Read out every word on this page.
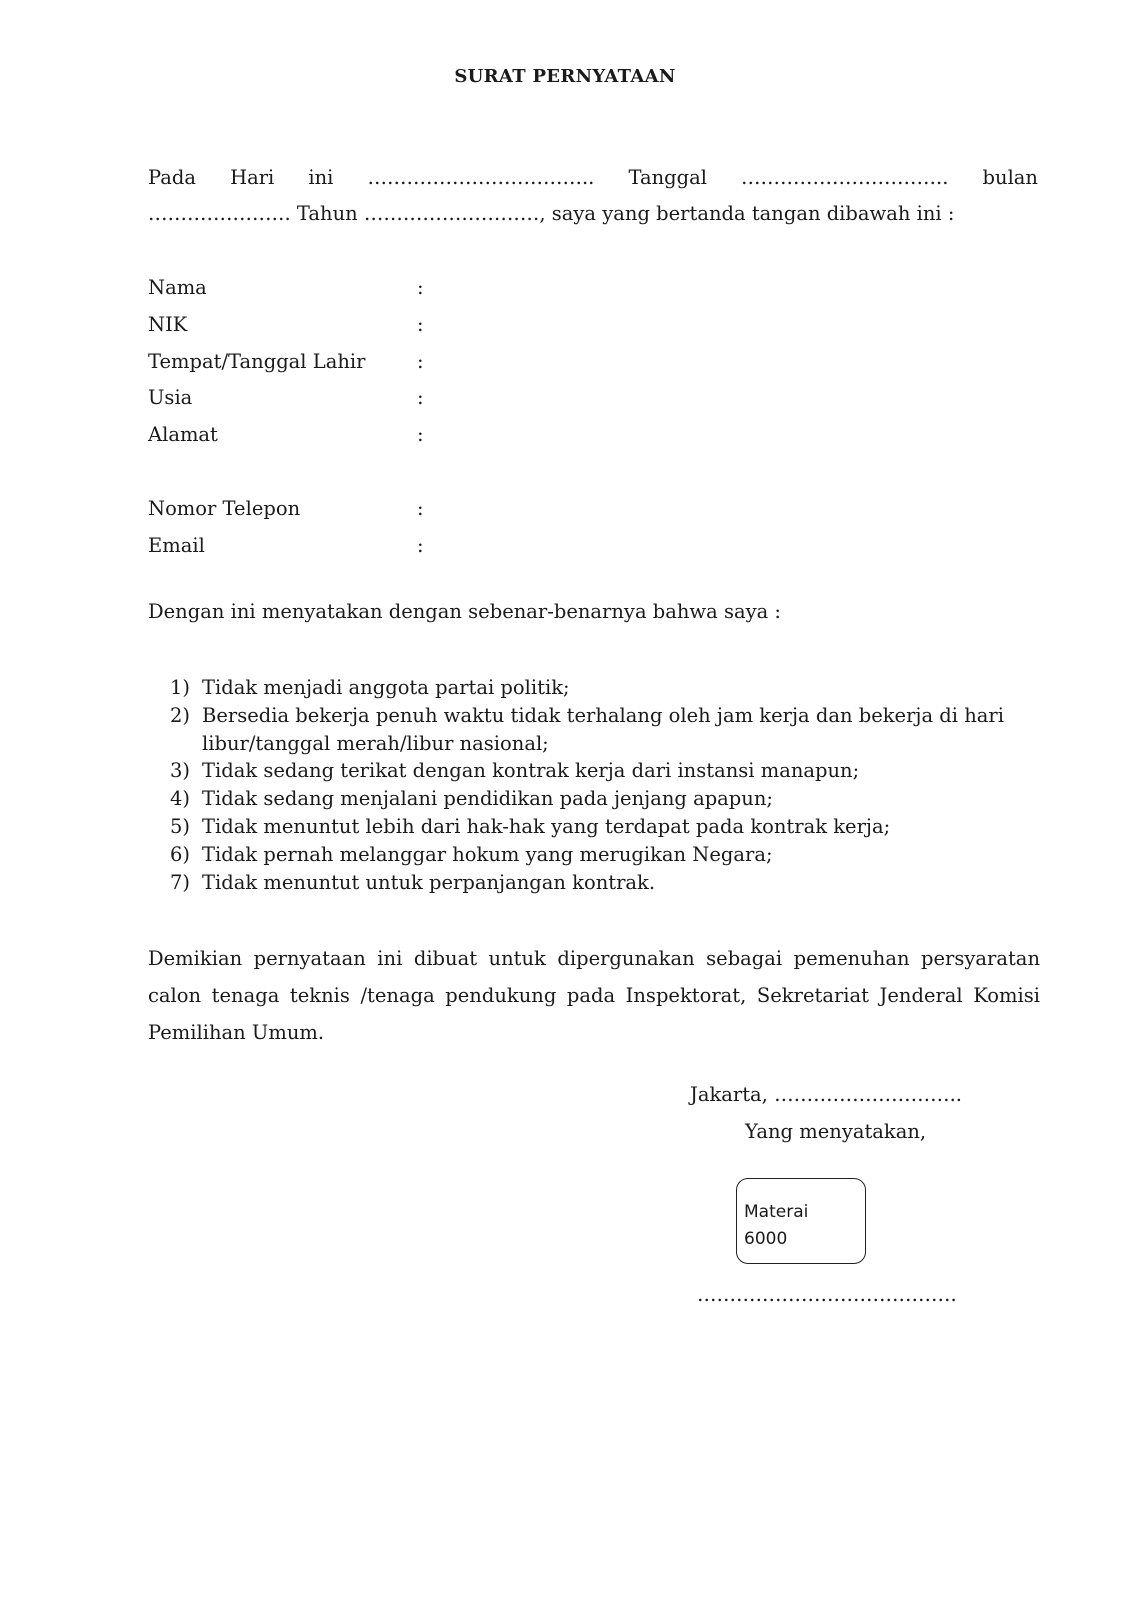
SURAT PERNYATAAN
Pada Hari ini …………………………….. Tanggal ………………………….. bulan
…………………. Tahun ………………………, saya yang bertanda tangan dibawah ini :
Nama	:
NIK	:
Tempat/Tanggal Lahir	:
Usia	:
Alamat	:
Nomor Telepon	:
Email	:
Dengan ini menyatakan dengan sebenar-benarnya bahwa saya :
1) Tidak menjadi anggota partai politik;
2) Bersedia bekerja penuh waktu tidak terhalang oleh jam kerja dan bekerja di hari libur/tanggal merah/libur nasional;
3) Tidak sedang terikat dengan kontrak kerja dari instansi manapun;
4) Tidak sedang menjalani pendidikan pada jenjang apapun;
5) Tidak menuntut lebih dari hak-hak yang terdapat pada kontrak kerja;
6) Tidak pernah melanggar hokum yang merugikan Negara;
7) Tidak menuntut untuk perpanjangan kontrak.
Demikian pernyataan ini dibuat untuk dipergunakan sebagai pemenuhan persyaratan calon tenaga teknis /tenaga pendukung pada Inspektorat, Sekretariat Jenderal Komisi Pemilihan Umum.
Jakarta, ………………………..
Yang menyatakan,
Materai
6000
………………………………….
